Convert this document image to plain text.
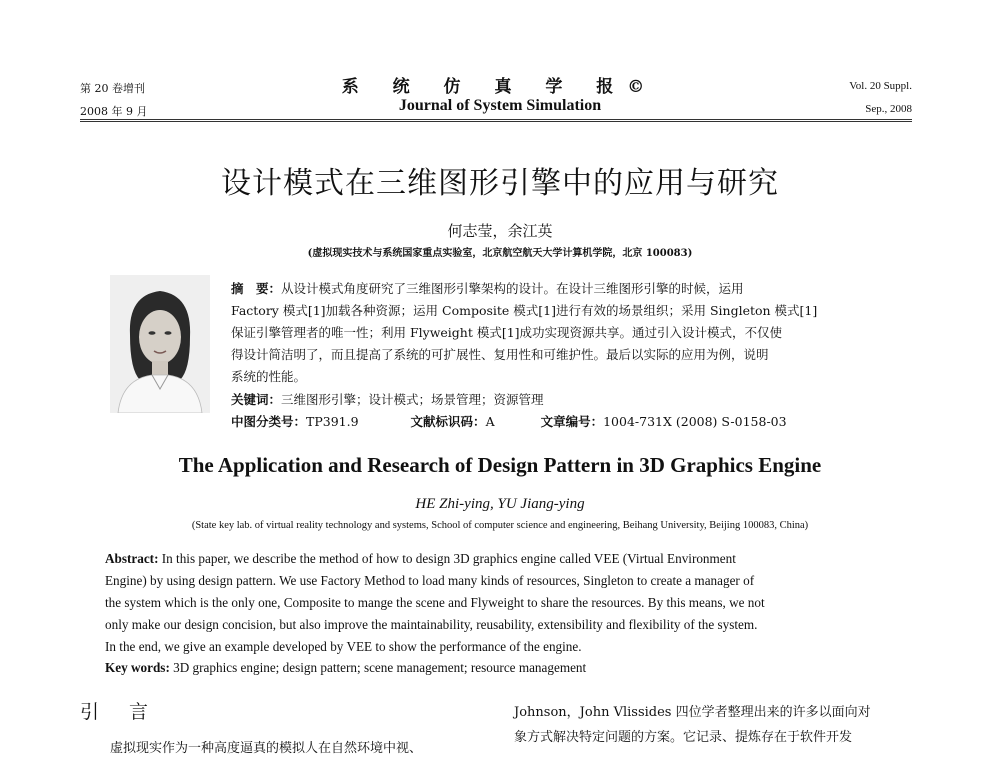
第 20 卷增刊
2008 年 9 月
系 统 仿 真 学 报©
Journal of System Simulation
Vol. 20 Suppl.
Sep., 2008
设计模式在三维图形引擎中的应用与研究
何志莹，余江英
(虚拟现实技术与系统国家重点实验室，北京航空航天大学计算机学院，北京 100083)
摘　要：从设计模式角度研究了三维图形引擎架构的设计。在设计三维图形引擎的时候，运用
Factory 模式[1]加载各种资源；运用 Composite 模式[1]进行有效的场景组织；采用 Singleton 模式[1]
保证引擎管理者的唯一性；利用 Flyweight 模式[1]成功实现资源共享。通过引入设计模式，不仅使
得设计简洁明了，而且提高了系统的可扩展性、复用性和可维护性。最后以实际的应用为例，说明
系统的性能。
关键词：三维图形引擎；设计模式；场景管理；资源管理
中图分类号：TP391.9	文献标识码：A	文章编号：1004-731X (2008) S-0158-03
The Application and Research of Design Pattern in 3D Graphics Engine
HE Zhi-ying, YU Jiang-ying
(State key lab. of virtual reality technology and systems, School of computer science and engineering, Beihang University, Beijing 100083, China)
Abstract: In this paper, we describe the method of how to design 3D graphics engine called VEE (Virtual Environment
Engine) by using design pattern. We use Factory Method to load many kinds of resources, Singleton to create a manager of
the system which is the only one, Composite to mange the scene and Flyweight to share the resources. By this means, we not
only make our design concision, but also improve the maintainability, reusability, extensibility and flexibility of the system.
In the end, we give an example developed by VEE to show the performance of the engine.
Key words: 3D graphics engine; design pattern; scene management; resource management
引 言
虚拟现实作为一种高度逼真的模拟人在自然环境中视、
Johnson，John Vlissides 四位学者整理出来的许多以面向对
象方式解决特定问题的方案。它记录、提炼存在于软件开发
